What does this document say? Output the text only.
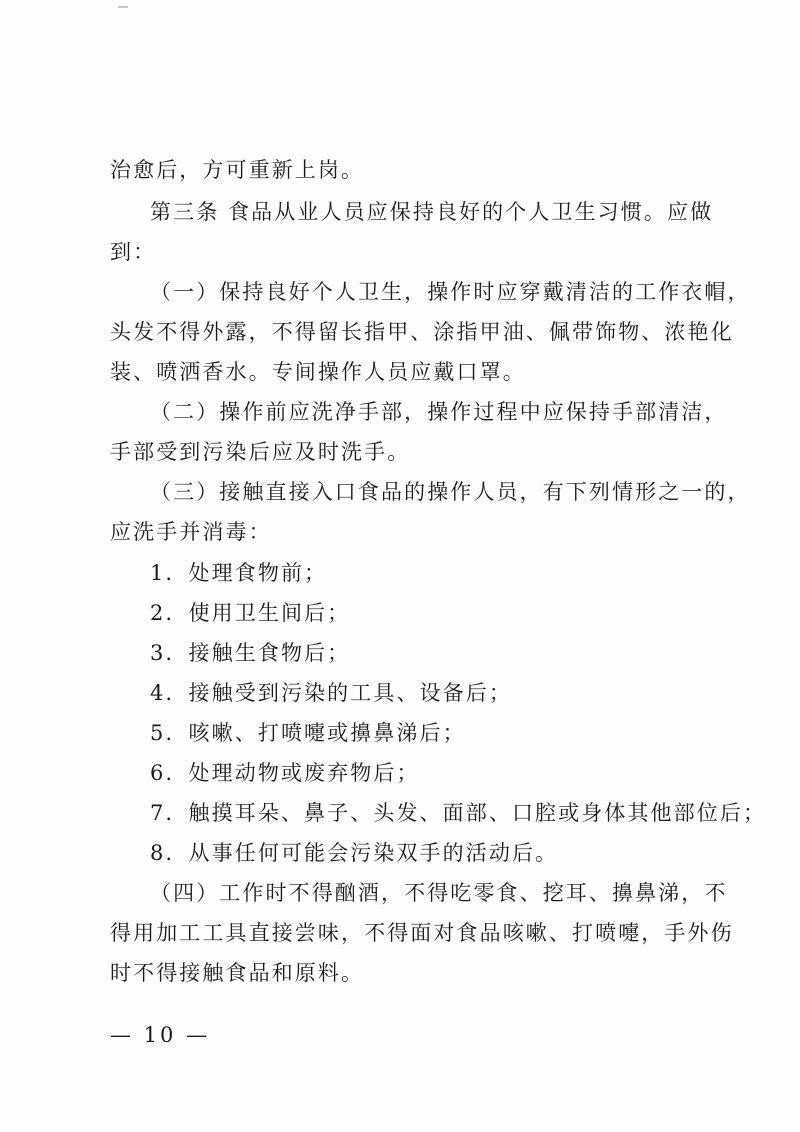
治愈后，方可重新上岗。
第三条 食品从业人员应保持良好的个人卫生习惯。应做
到：
（一）保持良好个人卫生，操作时应穿戴清洁的工作衣帽，
头发不得外露，不得留长指甲、涂指甲油、佩带饰物、浓艳化
装、喷洒香水。专间操作人员应戴口罩。
（二）操作前应洗净手部，操作过程中应保持手部清洁，
手部受到污染后应及时洗手。
（三）接触直接入口食品的操作人员，有下列情形之一的，
应洗手并消毒：
1．处理食物前；
2．使用卫生间后；
3．接触生食物后；
4．接触受到污染的工具、设备后；
5．咳嗽、打喷嚏或擤鼻涕后；
6．处理动物或废弃物后；
7．触摸耳朵、鼻子、头发、面部、口腔或身体其他部位后；
8．从事任何可能会污染双手的活动后。
（四）工作时不得酗酒，不得吃零食、挖耳、擤鼻涕，不
得用加工工具直接尝味，不得面对食品咳嗽、打喷嚏，手外伤
时不得接触食品和原料。
— 10 —
